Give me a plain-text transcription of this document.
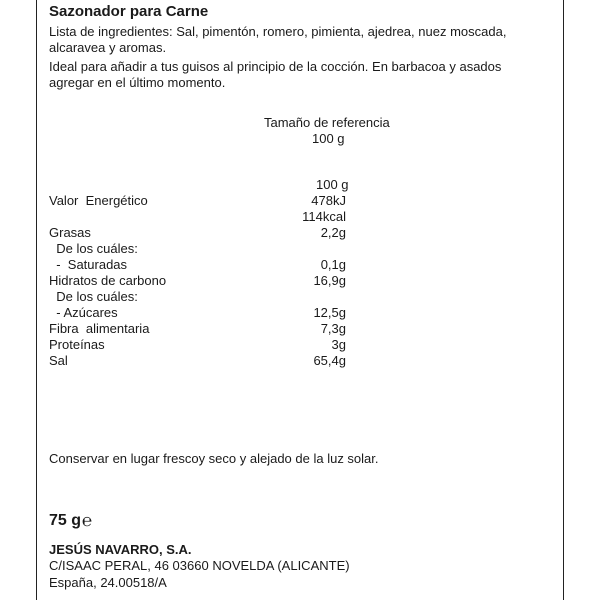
Sazonador para Carne
Lista de ingredientes: Sal, pimentón, romero, pimienta, ajedrea, nuez moscada,
alcaravea y aromas.
Ideal para añadir a tus guisos al principio de la cocción. En barbacoa y asados
agregar en el último momento.
Tamaño de referencia
100 g
100 g
Valor  Energético	478kJ
114kcal
Grasas	2,2g
De los cuáles:
-  Saturadas	0,1g
Hidratos de carbono	16,9g
De los cuáles:
- Azúcares	12,5g
Fibra  alimentaria	7,3g
Proteínas	3g
Sal	65,4g
Conservar en lugar frescoy seco y alejado de la luz solar.
75 g℮
JESÚS NAVARRO, S.A.
C/ISAAC PERAL, 46 03660 NOVELDA (ALICANTE)
España, 24.00518/A
